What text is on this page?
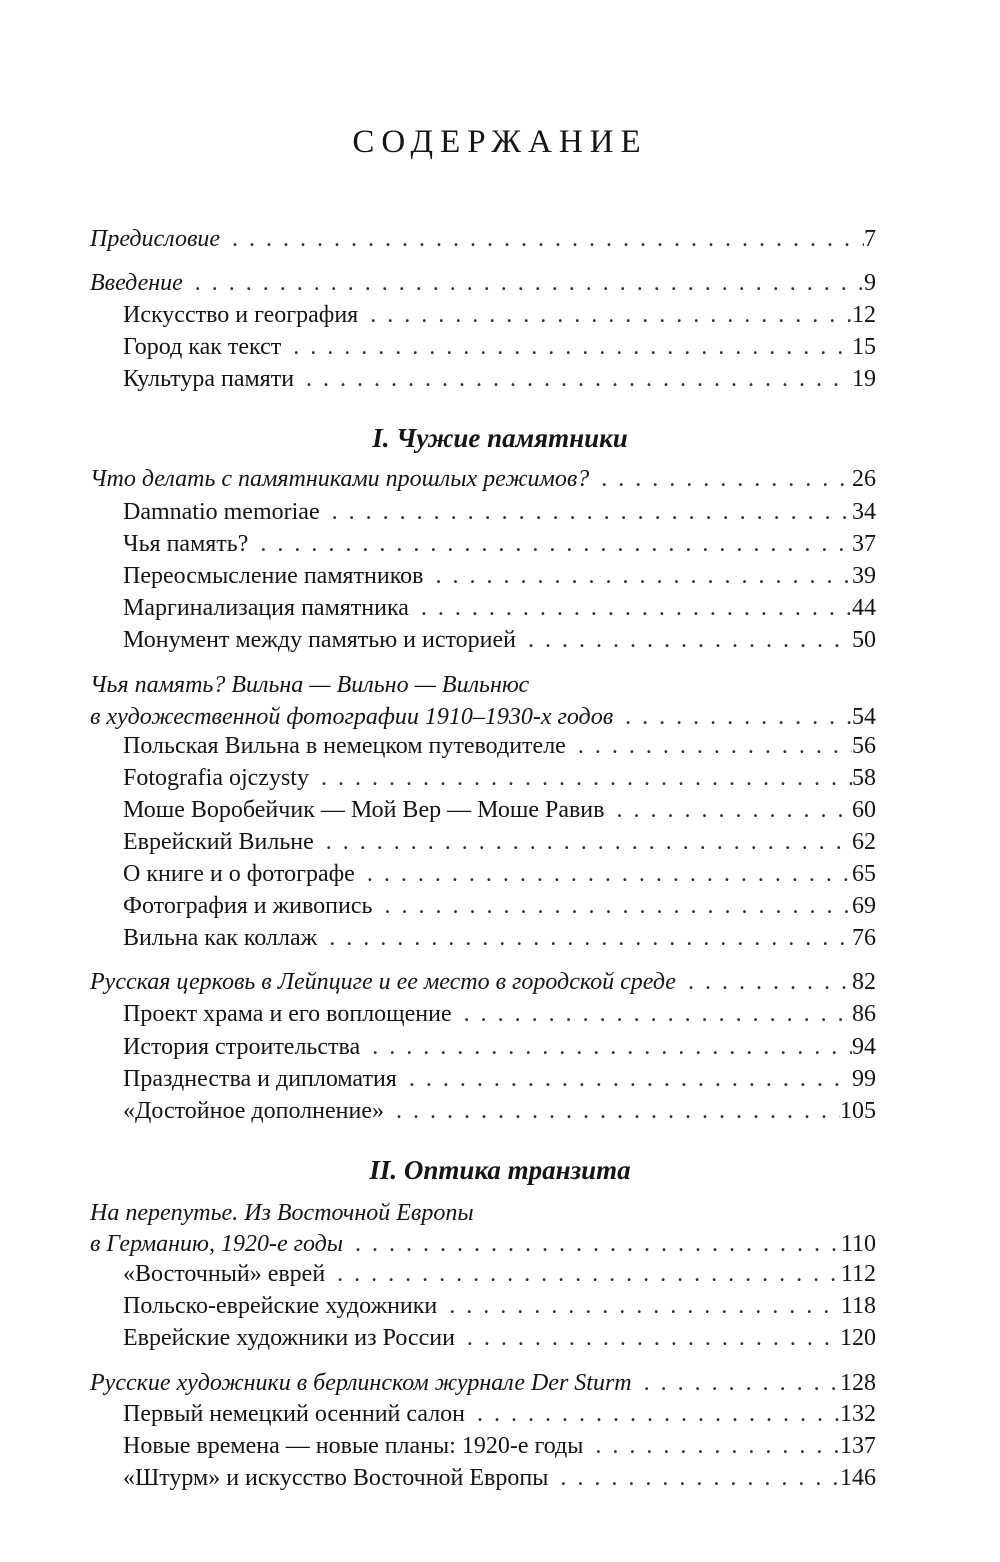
СОДЕРЖАНИЕ
Предисловие . . .	7
Введение . . .	9
Искусство и география . . .	12
Город как текст . . .	15
Культура памяти . . .	19
I. Чужие памятники
Что делать с памятниками прошлых режимов? . . .	26
Damnatio memoriae . . .	34
Чья память? . . .	37
Переосмысление памятников . . .	39
Маргинализация памятника . . .	44
Монумент между памятью и историей . . .	50
Чья память? Вильна — Вильно — Вильнюс
в художественной фотографии 1910–1930-х годов . . .	54
Польская Вильна в немецком путеводителе . . .	56
Fotografia ojczysty . . .	58
Моше Воробейчик — Мой Вер — Моше Равив . . .	60
Еврейский Вильне . . .	62
О книге и о фотографе . . .	65
Фотография и живопись . . .	69
Вильна как коллаж . . .	76
Русская церковь в Лейпциге и ее место в городской среде . . .	82
Проект храма и его воплощение . . .	86
История строительства . . .	94
Празднества и дипломатия . . .	99
«Достойное дополнение» . . .	105
II. Оптика транзита
На перепутье. Из Восточной Европы
в Германию, 1920-е годы . . .	110
«Восточный» еврей . . .	112
Польско-еврейские художники . . .	118
Еврейские художники из России . . .	120
Русские художники в берлинском журнале Der Sturm . . .	128
Первый немецкий осенний салон . . .	132
Новые времена — новые планы: 1920-е годы . . .	137
«Штурм» и искусство Восточной Европы . . .	146
